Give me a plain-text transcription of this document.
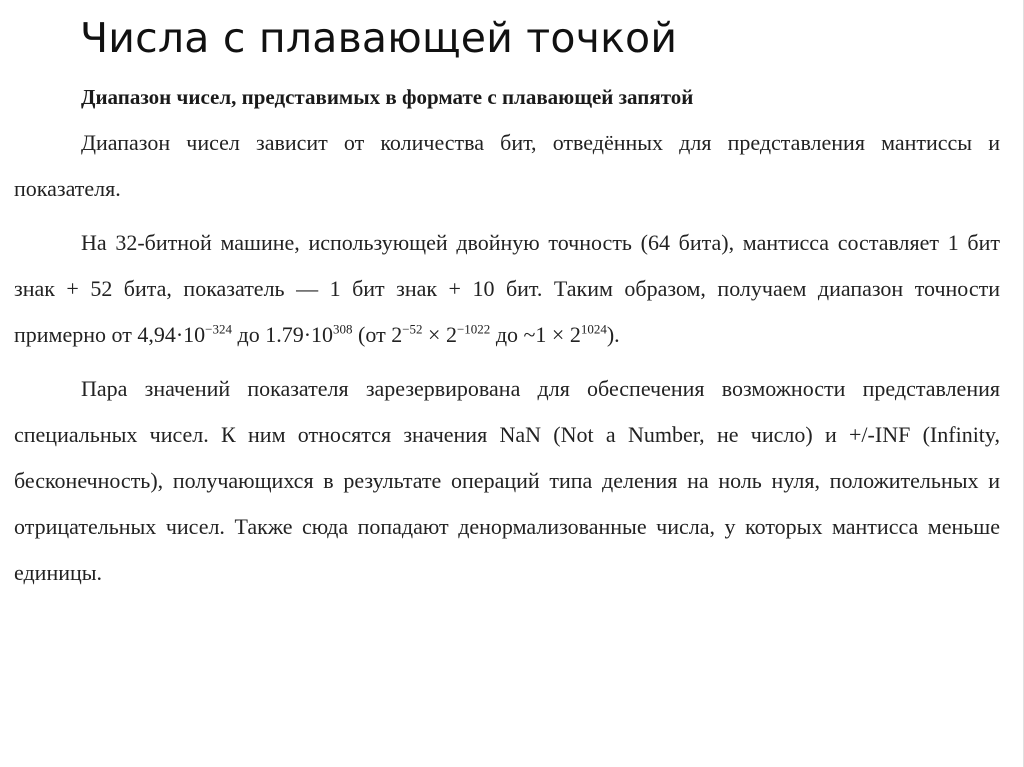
Числа с плавающей точкой

Диапазон чисел, представимых в формате с плавающей запятой

Диапазон чисел зависит от количества бит, отведённых для представления мантиссы и показателя.

На 32-битной машине, использующей двойную точность (64 бита), мантисса составляет 1 бит знак + 52 бита, показатель — 1 бит знак + 10 бит. Таким образом, получаем диапазон точности примерно от $4,94\cdot 10^{-324}$ до $1.79\cdot 10^{308}$ (от $2^{-52} \times 2^{-1022}$ до ~1 × $2^{1024}$).

Пара значений показателя зарезервирована для обеспечения возможности представления специальных чисел. К ним относятся значения NaN (Not a Number, не число) и +/-INF (Infinity, бесконечность), получающихся в результате операций типа деления на ноль нуля, положительных и отрицательных чисел. Также сюда попадают денормализованные числа, у которых мантисса меньше единицы.
